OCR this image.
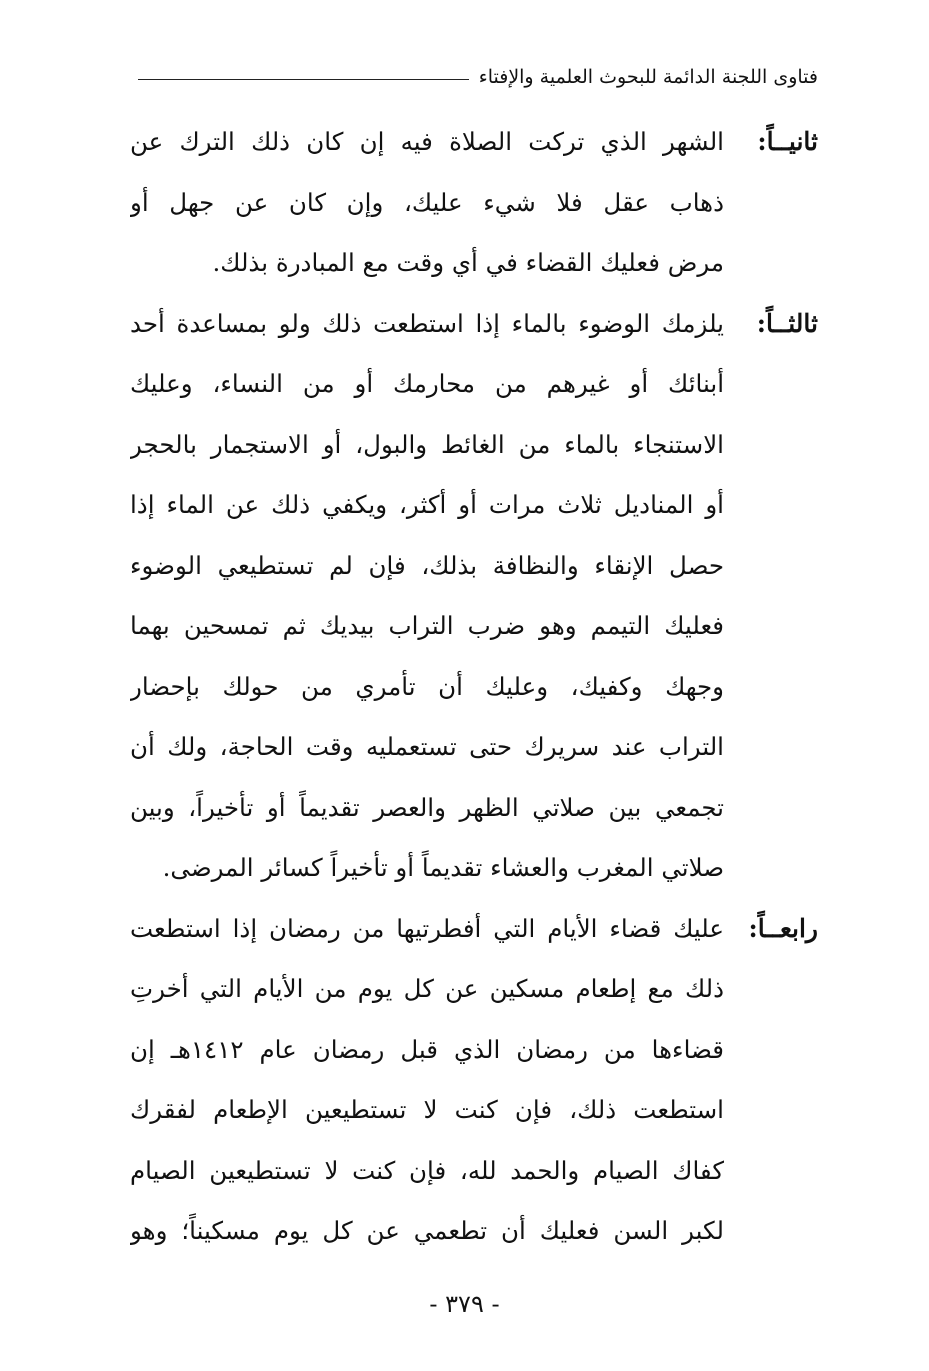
فتاوى اللجنة الدائمة للبحوث العلمية والإفتاء
ثانيــاً:
الشهر الذي تركت الصلاة فيه إن كان ذلك الترك عن
ذهاب عقل فلا شيء عليك، وإن كان عن جهل أو
مرض فعليك القضاء في أي وقت مع المبادرة بذلك.
ثالثــاً:
يلزمك الوضوء بالماء إذا استطعت ذلك ولو بمساعدة أحد
أبنائك أو غيرهم من محارمك أو من النساء، وعليك
الاستنجاء بالماء من الغائط والبول، أو الاستجمار بالحجر
أو المناديل ثلاث مرات أو أكثر، ويكفي ذلك عن الماء إذا
حصل الإنقاء والنظافة بذلك، فإن لم تستطيعي الوضوء
فعليك التيمم وهو ضرب التراب بيديك ثم تمسحين بهما
وجهك وكفيك، وعليك أن تأمري من حولك بإحضار
التراب عند سريرك حتى تستعمليه وقت الحاجة، ولك أن
تجمعي بين صلاتي الظهر والعصر تقديماً أو تأخيراً، وبين
صلاتي المغرب والعشاء تقديماً أو تأخيراً كسائر المرضى.
رابعــاً:
عليك قضاء الأيام التي أفطرتيها من رمضان إذا استطعت
ذلك مع إطعام مسكين عن كل يوم من الأيام التي أخرتِ
قضاءها من رمضان الذي قبل رمضان عام ١٤١٢هـ إن
استطعت ذلك، فإن كنت لا تستطيعين الإطعام لفقرك
كفاك الصيام والحمد لله، فإن كنت لا تستطيعين الصيام
لكبر السن فعليك أن تطعمي عن كل يوم مسكيناً؛ وهو
- ٣٧٩ -
